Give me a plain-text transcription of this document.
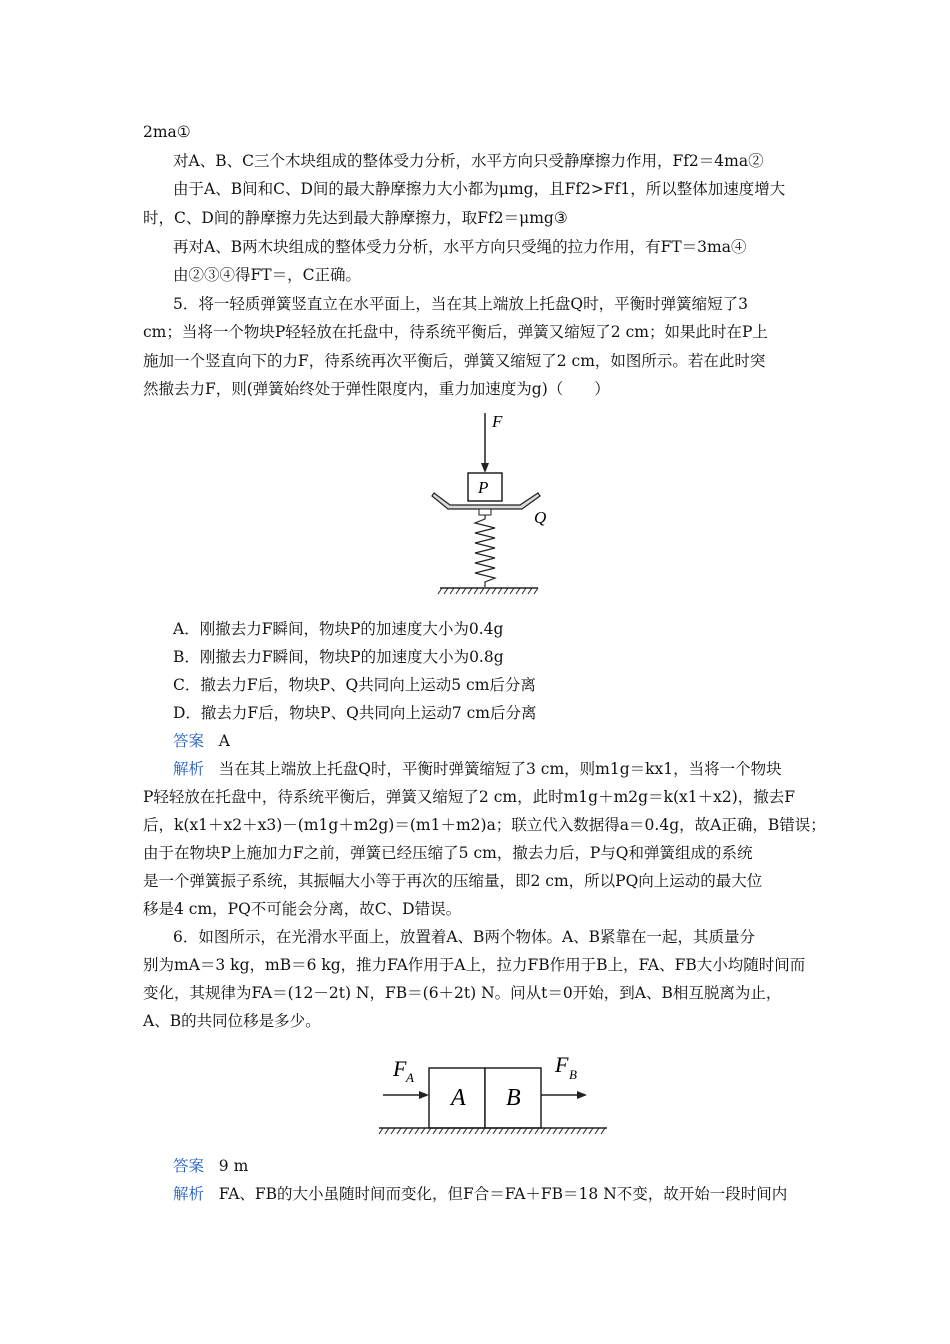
2ma①
对A、B、C三个木块组成的整体受力分析，水平方向只受静摩擦力作用，Ff2＝4ma②
由于A、B间和C、D间的最大静摩擦力大小都为μmg，且Ff2>Ff1，所以整体加速度增大
时，C、D间的静摩擦力先达到最大静摩擦力，取Ff2＝μmg③
再对A、B两木块组成的整体受力分析，水平方向只受绳的拉力作用，有FT＝3ma④
由②③④得FT＝，C正确。
5．将一轻质弹簧竖直立在水平面上，当在其上端放上托盘Q时，平衡时弹簧缩短了3
cm；当将一个物块P轻轻放在托盘中，待系统平衡后，弹簧又缩短了2 cm；如果此时在P上
施加一个竖直向下的力F，待系统再次平衡后，弹簧又缩短了2 cm，如图所示。若在此时突
然撤去力F，则(弹簧始终处于弹性限度内，重力加速度为g)（　　）
F
P
Q
A．刚撤去力F瞬间，物块P的加速度大小为0.4g
B．刚撤去力F瞬间，物块P的加速度大小为0.8g
C．撤去力F后，物块P、Q共同向上运动5 cm后分离
D．撤去力F后，物块P、Q共同向上运动7 cm后分离
答案 A
解析 当在其上端放上托盘Q时，平衡时弹簧缩短了3 cm，则m1g＝kx1，当将一个物块
P轻轻放在托盘中，待系统平衡后，弹簧又缩短了2 cm，此时m1g＋m2g＝k(x1＋x2)，撤去F
后，k(x1＋x2＋x3)－(m1g＋m2g)＝(m1＋m2)a；联立代入数据得a＝0.4g，故A正确，B错误；
由于在物块P上施加力F之前，弹簧已经压缩了5 cm，撤去力后，P与Q和弹簧组成的系统
是一个弹簧振子系统，其振幅大小等于再次的压缩量，即2 cm，所以PQ向上运动的最大位
移是4 cm，PQ不可能会分离，故C、D错误。
6．如图所示，在光滑水平面上，放置着A、B两个物体。A、B紧靠在一起，其质量分
别为mA＝3 kg，mB＝6 kg，推力FA作用于A上，拉力FB作用于B上，FA、FB大小均随时间而
变化，其规律为FA＝(12－2t) N，FB＝(6＋2t) N。问从t＝0开始，到A、B相互脱离为止，
A、B的共同位移是多少。
F A
A B
F B
答案 9 m
解析 FA、FB的大小虽随时间而变化，但F合＝FA＋FB＝18 N不变，故开始一段时间内
